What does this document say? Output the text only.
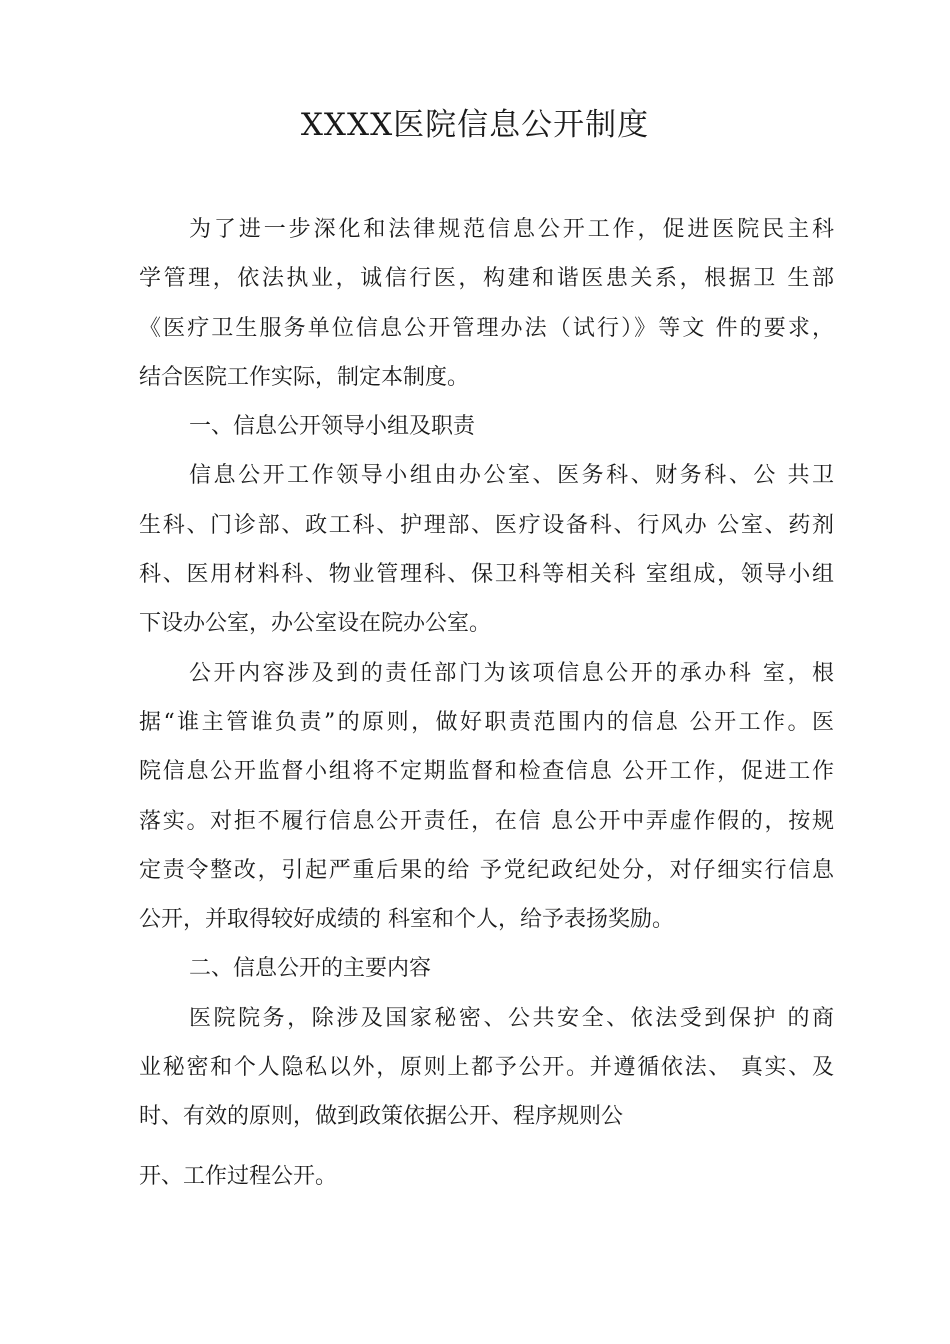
XXXX医院信息公开制度
为了进一步深化和法律规范信息公开工作，促进医院民主科
学管理，依法执业，诚信行医，构建和谐医患关系，根据卫 生部
《医疗卫生服务单位信息公开管理办法（试行）》等文 件的要求，
结合医院工作实际，制定本制度。
一、信息公开领导小组及职责
信息公开工作领导小组由办公室、医务科、财务科、公 共卫
生科、门诊部、政工科、护理部、医疗设备科、行风办 公室、药剂
科、医用材料科、物业管理科、保卫科等相关科 室组成，领导小组
下设办公室，办公室设在院办公室。
公开内容涉及到的责任部门为该项信息公开的承办科 室，根
据“谁主管谁负责”的原则，做好职责范围内的信息 公开工作。医
院信息公开监督小组将不定期监督和检查信息 公开工作，促进工作
落实。对拒不履行信息公开责任，在信 息公开中弄虚作假的，按规
定责令整改，引起严重后果的给 予党纪政纪处分，对仔细实行信息
公开，并取得较好成绩的 科室和个人，给予表扬奖励。
二、信息公开的主要内容
医院院务，除涉及国家秘密、公共安全、依法受到保护 的商
业秘密和个人隐私以外，原则上都予公开。并遵循依法、 真实、及
时、有效的原则，做到政策依据公开、程序规则公
开、工作过程公开。
